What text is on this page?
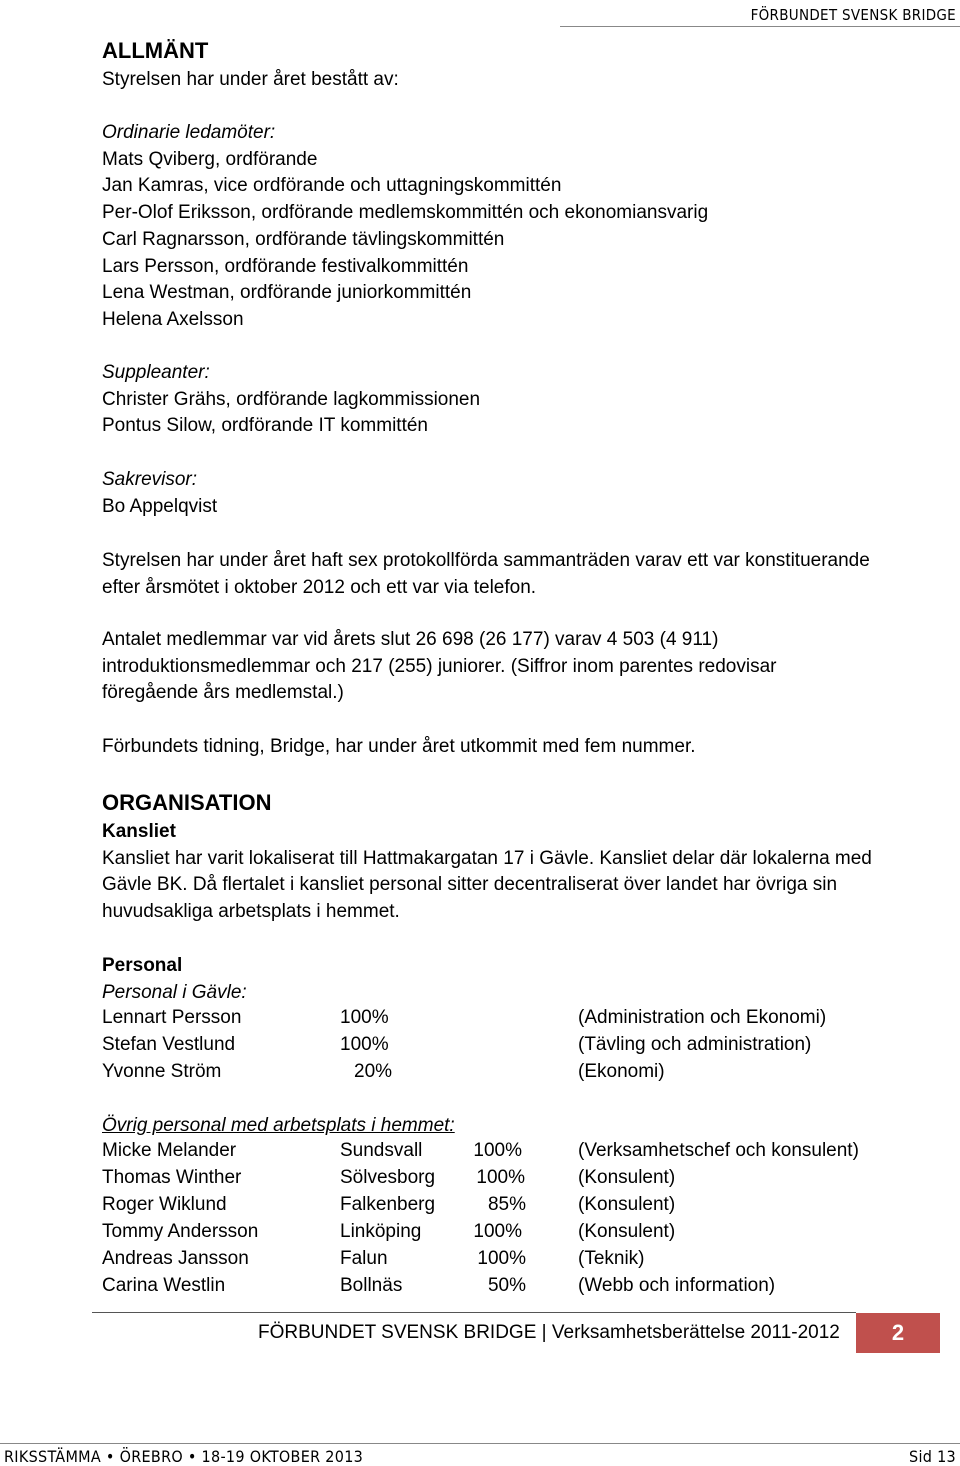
FÖRBUNDET SVENSK BRIDGE
ALLMÄNT
Styrelsen har under året bestått av:
Ordinarie ledamöter:
Mats Qviberg, ordförande
Jan Kamras, vice ordförande och uttagningskommittén
Per-Olof Eriksson, ordförande medlemskommittén och ekonomiansvarig
Carl Ragnarsson, ordförande tävlingskommittén
Lars Persson, ordförande festivalkommittén
Lena Westman, ordförande juniorkommittén
Helena Axelsson
Suppleanter:
Christer Grähs, ordförande lagkommissionen
Pontus Silow, ordförande IT kommittén
Sakrevisor:
Bo Appelqvist
Styrelsen har under året haft sex protokollförda sammanträden varav ett var konstituerande
efter årsmötet i oktober 2012 och ett var via telefon.
Antalet medlemmar var vid årets slut 26 698 (26 177) varav 4 503 (4 911)
introduktionsmedlemmar och 217 (255) juniorer. (Siffror inom parentes redovisar
föregående års medlemstal.)
Förbundets tidning, Bridge, har under året utkommit med fem nummer.
ORGANISATION
Kansliet
Kansliet har varit lokaliserat till Hattmakargatan 17 i Gävle. Kansliet delar där lokalerna med
Gävle BK. Då flertalet i kansliet personal sitter decentraliserat över landet har övriga sin
huvudsakliga arbetsplats i hemmet.
Personal
Personal i Gävle:
Lennart Persson	100%	(Administration och Ekonomi)
Stefan Vestlund	100%	(Tävling och administration)
Yvonne Ström	20%	(Ekonomi)
Övrig personal med arbetsplats i hemmet:
Micke Melander	Sundsvall	100%	(Verksamhetschef och konsulent)
Thomas Winther	Sölvesborg	100%	(Konsulent)
Roger Wiklund	Falkenberg	85%	(Konsulent)
Tommy Andersson	Linköping	100%	(Konsulent)
Andreas Jansson	Falun	100%	(Teknik)
Carina Westlin	Bollnäs	50%	(Webb och information)
FÖRBUNDET SVENSK BRIDGE | Verksamhetsberättelse 2011-2012 2
RIKSSTÄMMA • ÖREBRO • 18-19 OKTOBER 2013	Sid 13
